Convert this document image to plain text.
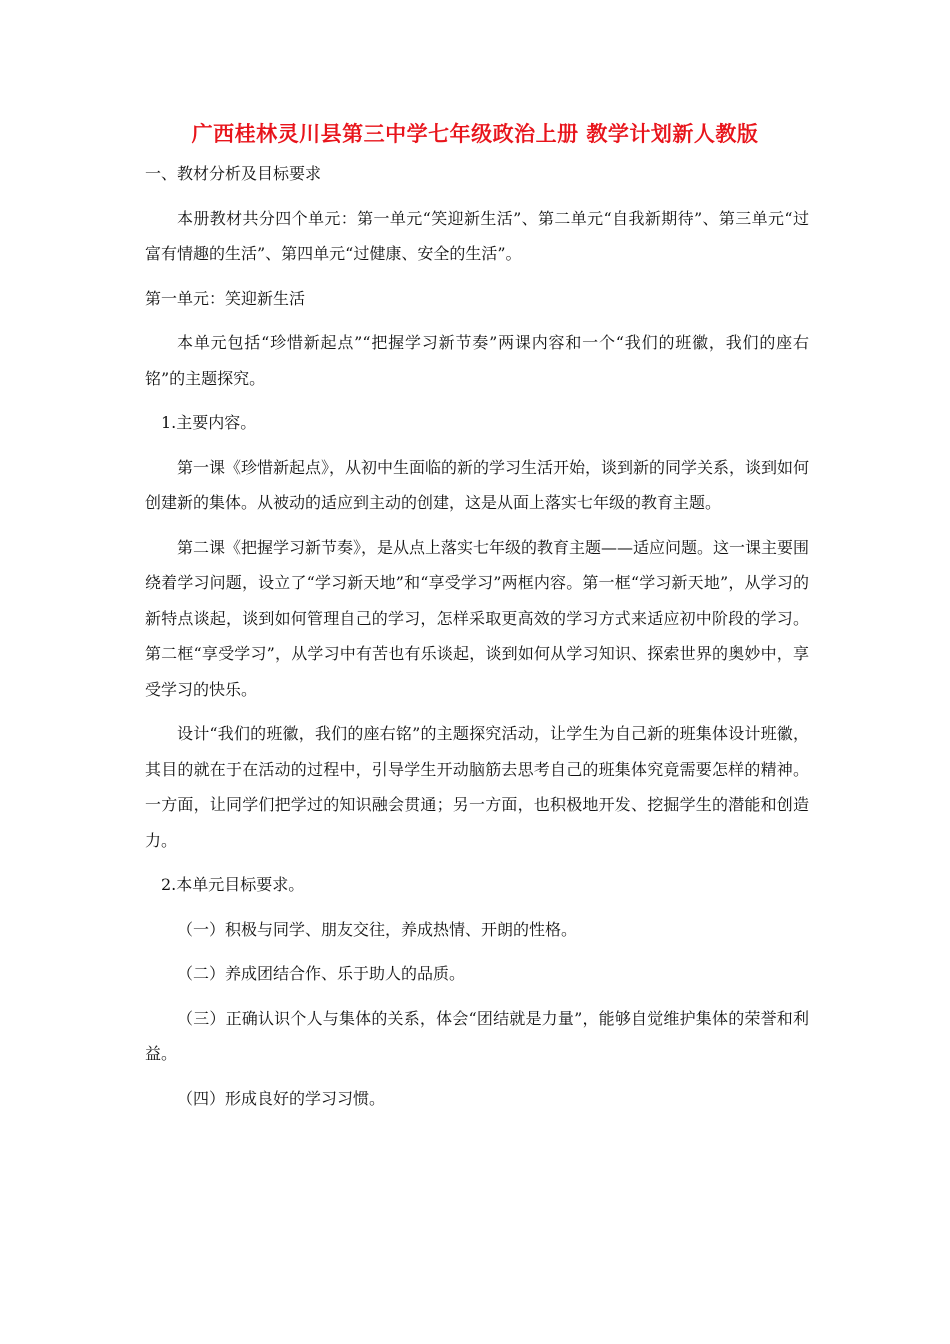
广西桂林灵川县第三中学七年级政治上册 教学计划新人教版

一、教材分析及目标要求

本册教材共分四个单元：第一单元“笑迎新生活”、第二单元“自我新期待”、第三单元“过富有情趣的生活”、第四单元“过健康、安全的生活”。

第一单元：笑迎新生活

本单元包括“珍惜新起点”“把握学习新节奏”两课内容和一个“我们的班徽，我们的座右铭”的主题探究。

1.主要内容。

第一课《珍惜新起点》，从初中生面临的新的学习生活开始，谈到新的同学关系，谈到如何创建新的集体。从被动的适应到主动的创建，这是从面上落实七年级的教育主题。

第二课《把握学习新节奏》，是从点上落实七年级的教育主题——适应问题。这一课主要围绕着学习问题，设立了“学习新天地”和“享受学习”两框内容。第一框“学习新天地”，从学习的新特点谈起，谈到如何管理自己的学习，怎样采取更高效的学习方式来适应初中阶段的学习。第二框“享受学习”，从学习中有苦也有乐谈起，谈到如何从学习知识、探索世界的奥妙中，享受学习的快乐。

设计“我们的班徽，我们的座右铭”的主题探究活动，让学生为自己新的班集体设计班徽，其目的就在于在活动的过程中，引导学生开动脑筋去思考自己的班集体究竟需要怎样的精神。一方面，让同学们把学过的知识融会贯通；另一方面，也积极地开发、挖掘学生的潜能和创造力。

2.本单元目标要求。

（一）积极与同学、朋友交往，养成热情、开朗的性格。

（二）养成团结合作、乐于助人的品质。

（三）正确认识个人与集体的关系，体会“团结就是力量”，能够自觉维护集体的荣誉和利益。

（四）形成良好的学习习惯。
